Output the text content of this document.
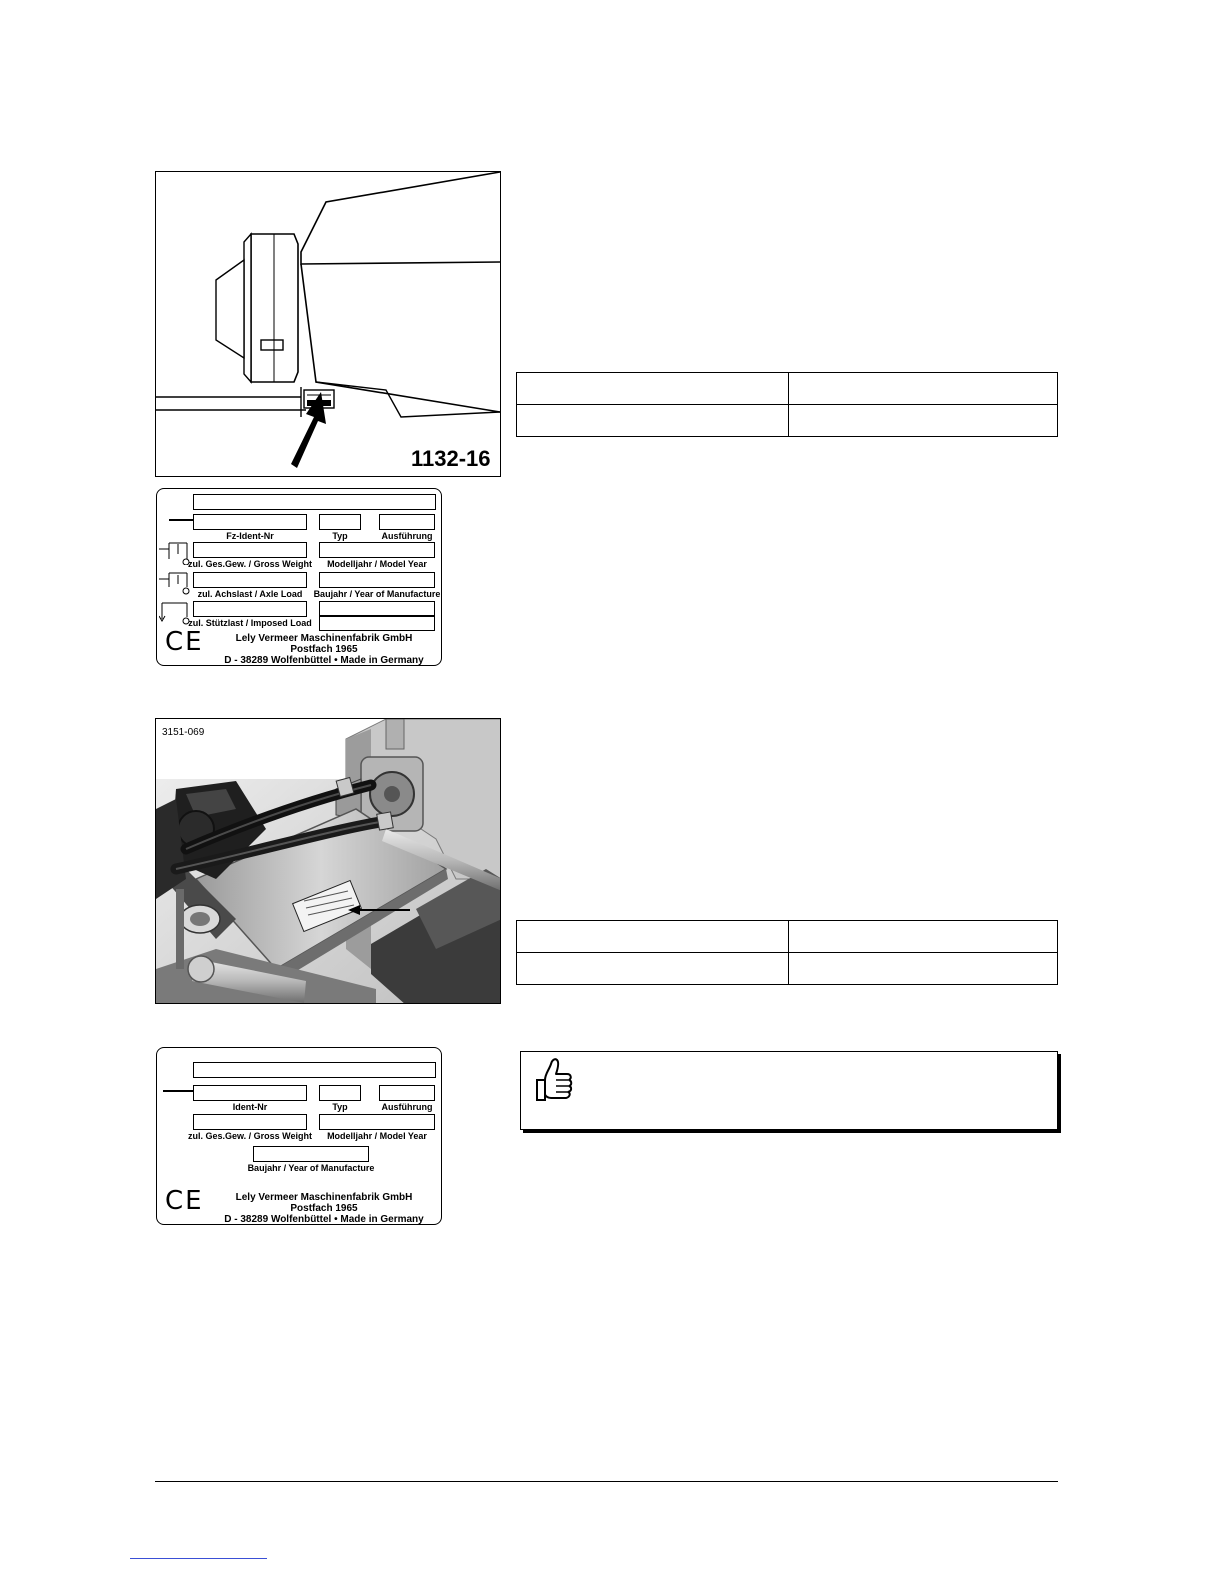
1132-16
Fz-Ident-Nr	Typ	Ausführung
zul. Ges.Gew. / Gross Weight	Modelljahr / Model Year
zul. Achslast / Axle Load	Baujahr / Year of Manufacture
zul. Stützlast / Imposed Load
CE	Lely Vermeer Maschinenfabrik GmbH
Postfach 1965
D - 38289 Wolfenbüttel • Made in Germany

3151-069

Ident-Nr	Typ	Ausführung
zul. Ges.Gew. / Gross Weight	Modelljahr / Model Year
Baujahr / Year of Manufacture
CE	Lely Vermeer Maschinenfabrik GmbH
Postfach 1965
D - 38289 Wolfenbüttel • Made in Germany
